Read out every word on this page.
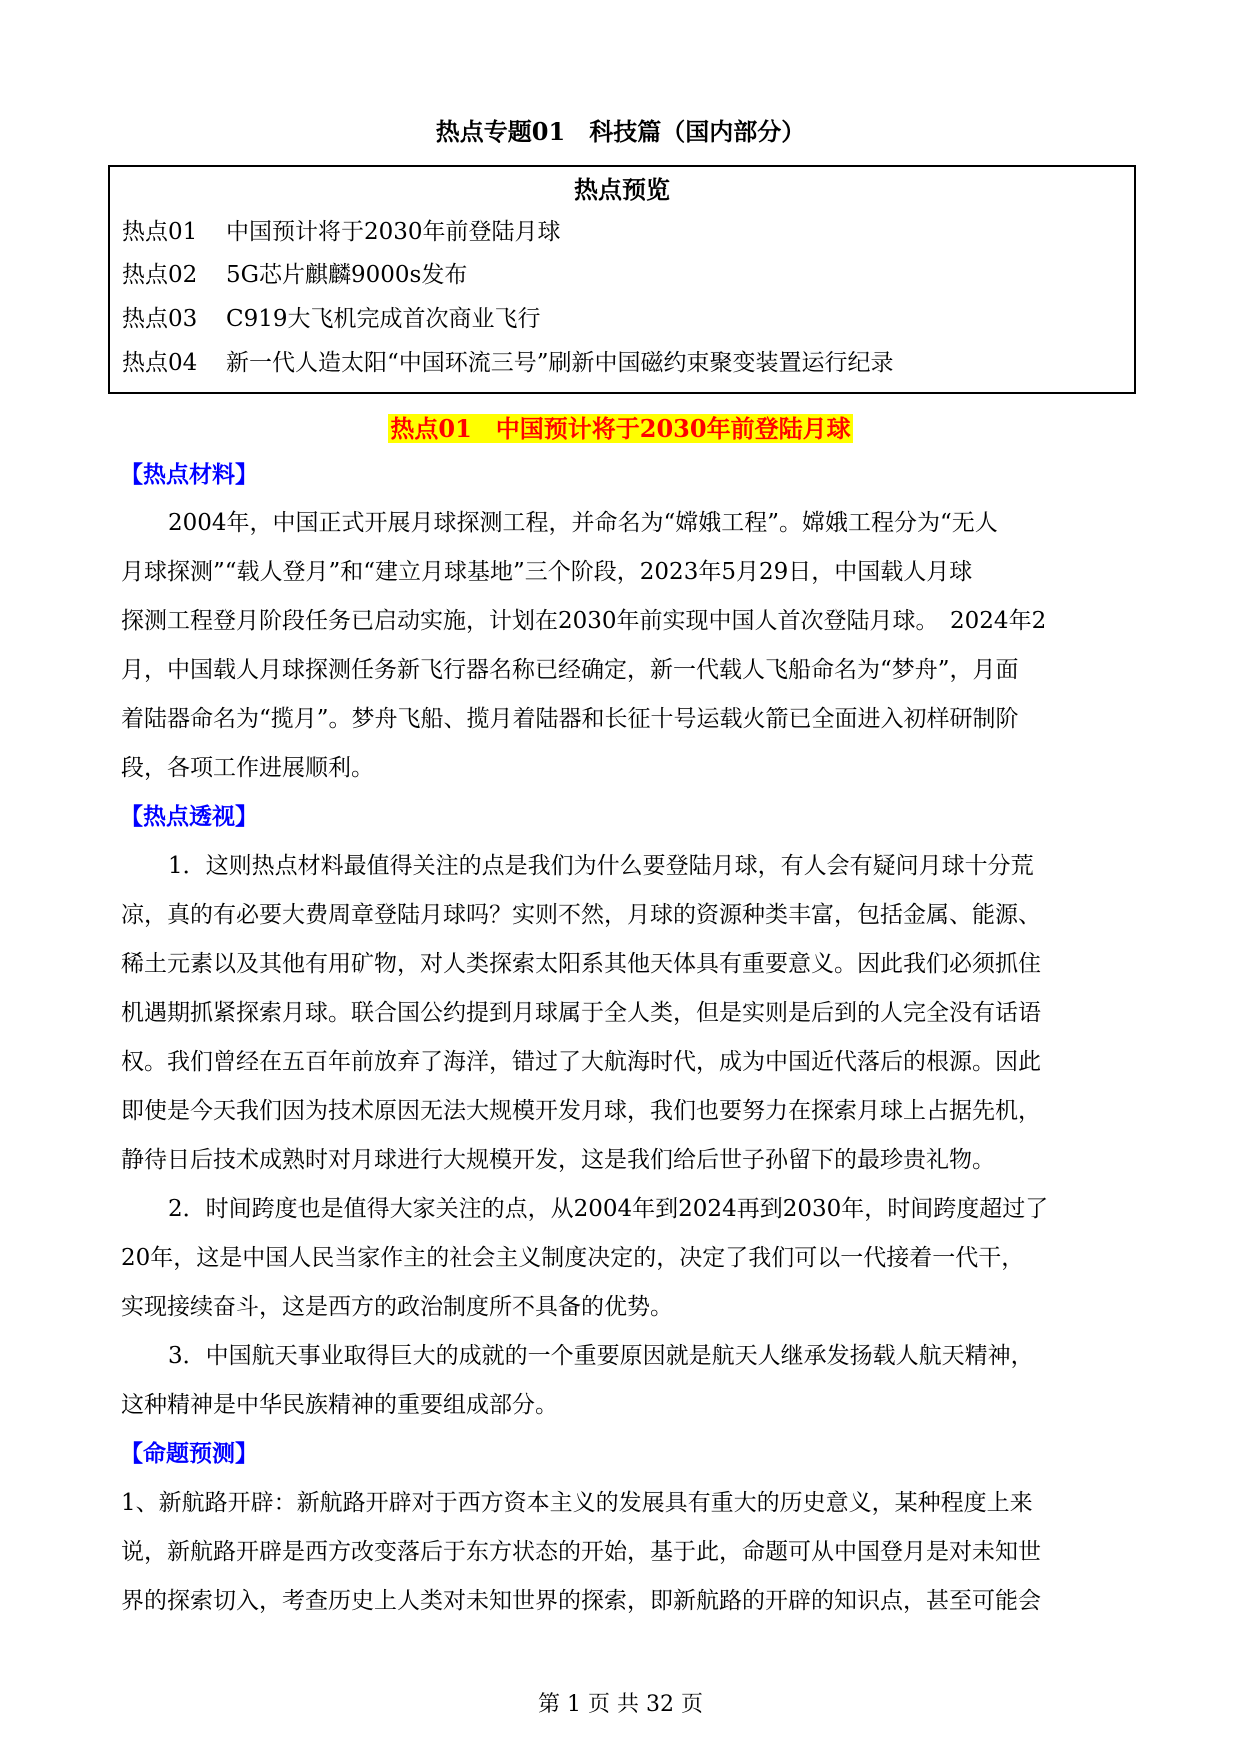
热点专题01　科技篇（国内部分）
热点预览
热点01 中国预计将于2030年前登陆月球
热点02 5G芯片麒麟9000s发布
热点03 C919大飞机完成首次商业飞行
热点04 新一代人造太阳“中国环流三号”刷新中国磁约束聚变装置运行纪录
热点01　中国预计将于2030年前登陆月球
【热点材料】
2004年，中国正式开展月球探测工程，并命名为“嫦娥工程”。嫦娥工程分为“无人
月球探测”“载人登月”和“建立月球基地”三个阶段，2023年5月29日，中国载人月球
探测工程登月阶段任务已启动实施，计划在2030年前实现中国人首次登陆月球。　2024年2
月，中国载人月球探测任务新飞行器名称已经确定，新一代载人飞船命名为“梦舟”，月面
着陆器命名为“揽月”。梦舟飞船、揽月着陆器和长征十号运载火箭已全面进入初样研制阶
段，各项工作进展顺利。
【热点透视】
1．这则热点材料最值得关注的点是我们为什么要登陆月球，有人会有疑问月球十分荒
凉，真的有必要大费周章登陆月球吗？实则不然，月球的资源种类丰富，包括金属、能源、
稀土元素以及其他有用矿物，对人类探索太阳系其他天体具有重要意义。因此我们必须抓住
机遇期抓紧探索月球。联合国公约提到月球属于全人类，但是实则是后到的人完全没有话语
权。我们曾经在五百年前放弃了海洋，错过了大航海时代，成为中国近代落后的根源。因此
即使是今天我们因为技术原因无法大规模开发月球，我们也要努力在探索月球上占据先机，
静待日后技术成熟时对月球进行大规模开发，这是我们给后世子孙留下的最珍贵礼物。
2．时间跨度也是值得大家关注的点，从2004年到2024再到2030年，时间跨度超过了
20年，这是中国人民当家作主的社会主义制度决定的，决定了我们可以一代接着一代干，
实现接续奋斗，这是西方的政治制度所不具备的优势。
3．中国航天事业取得巨大的成就的一个重要原因就是航天人继承发扬载人航天精神，
这种精神是中华民族精神的重要组成部分。
【命题预测】
1、新航路开辟：新航路开辟对于西方资本主义的发展具有重大的历史意义，某种程度上来
说，新航路开辟是西方改变落后于东方状态的开始，基于此，命题可从中国登月是对未知世
界的探索切入，考查历史上人类对未知世界的探索，即新航路的开辟的知识点，甚至可能会
第 1 页 共 32 页
